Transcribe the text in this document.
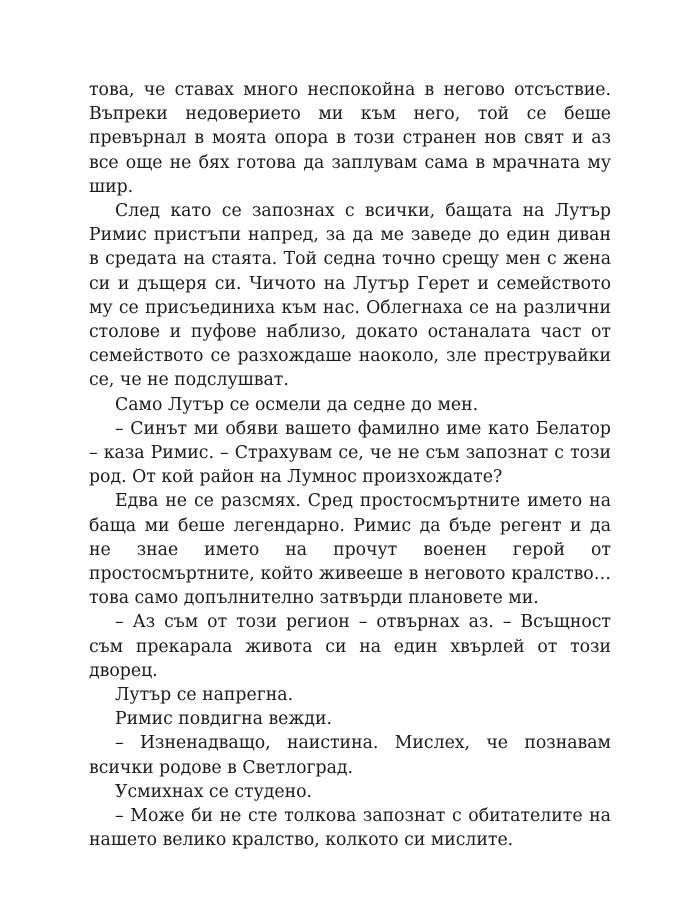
това, че ставах много неспокойна в негово отсъствие. Въпреки недоверието ми към него, той се беше превърнал в моята опора в този странен нов свят и аз все още не бях готова да заплувам сама в мрачната му шир.

След като се запознах с всички, бащата на Лутър Римис пристъпи напред, за да ме заведе до един диван в средата на стаята. Той седна точно срещу мен с жена си и дъщеря си. Чичото на Лутър Герет и семейството му се присъединиха към нас. Облегнаха се на различни столове и пуфове наблизо, докато останалата част от семейството се разхождаше наоколо, зле преструвайки се, че не подслушват.

Само Лутър се осмели да седне до мен.

– Синът ми обяви вашето фамилно име като Белатор – каза Римис. – Страхувам се, че не съм запознат с този род. От кой район на Лумнос произхождате?

Едва не се разсмях. Сред простосмъртните името на баща ми беше легендарно. Римис да бъде регент и да не знае името на прочут военен герой от простосмъртните, който живееше в неговото кралство… това само допълнително затвърди плановете ми.

– Аз съм от този регион – отвърнах аз. – Всъщност съм прекарала живота си на един хвърлей от този дворец.

Лутър се напрегна.

Римис повдигна вежди.

– Изненадващо, наистина. Мислех, че познавам всички родове в Светлоград.

Усмихнах се студено.

– Може би не сте толкова запознат с обитателите на нашето велико кралство, колкото си мислите.
